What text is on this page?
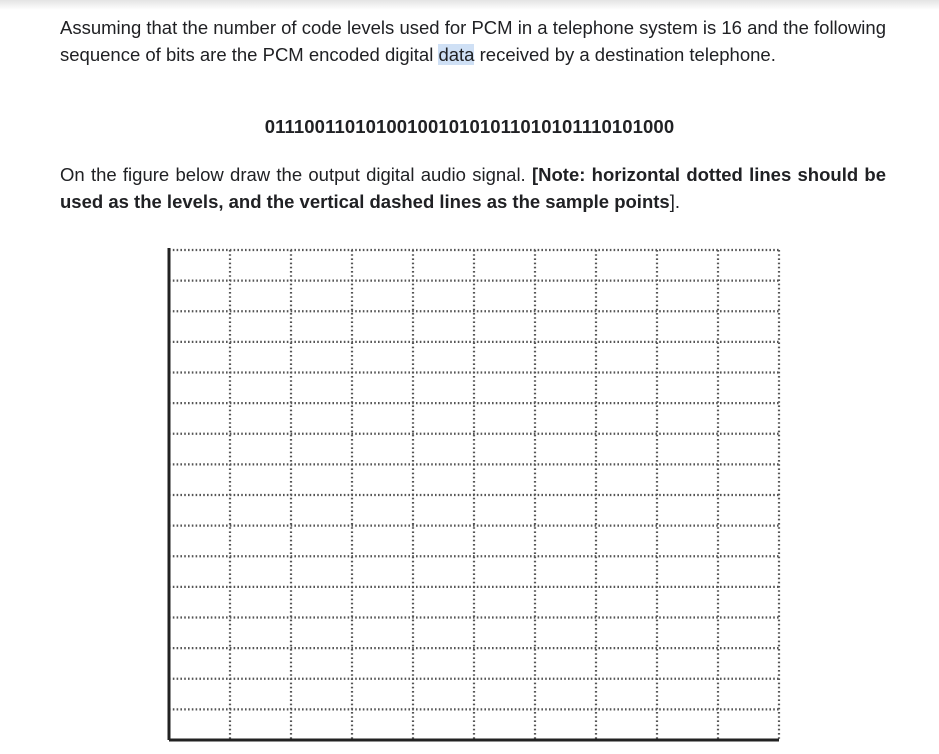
Assuming that the number of code levels used for PCM in a telephone system is 16 and the following sequence of bits are the PCM encoded digital data received by a destination telephone.

0111001101010010010101011010101110101000

On the figure below draw the output digital audio signal. [Note: horizontal dotted lines should be used as the levels, and the vertical dashed lines as the sample points].
